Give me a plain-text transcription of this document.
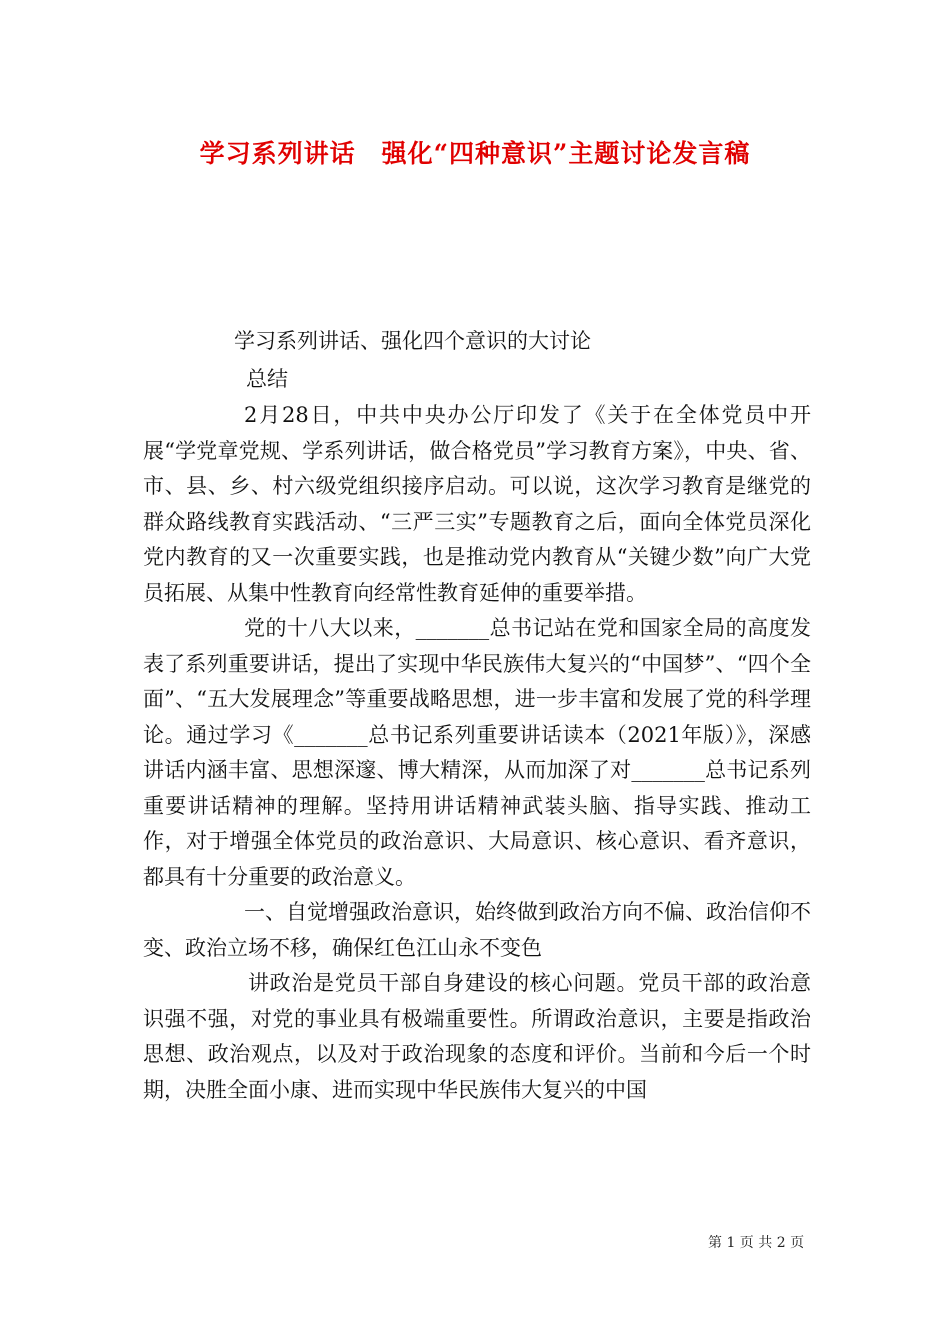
学习系列讲话　强化“四种意识”主题讨论发言稿
学习系列讲话、强化四个意识的大讨论
总结

2月28日，中共中央办公厅印发了《关于在全体党员中开展“学党章党规、学系列讲话，做合格党员”学习教育方案》，中央、省、市、县、乡、村六级党组织接序启动。可以说，这次学习教育是继党的群众路线教育实践活动、“三严三实”专题教育之后，面向全体党员深化党内教育的又一次重要实践，也是推动党内教育从“关键少数”向广大党员拓展、从集中性教育向经常性教育延伸的重要举措。

党的十八大以来，_______总书记站在党和国家全局的高度发表了系列重要讲话，提出了实现中华民族伟大复兴的“中国梦”、“四个全面”、“五大发展理念”等重要战略思想，进一步丰富和发展了党的科学理论。通过学习《_______总书记系列重要讲话读本（2021年版）》，深感讲话内涵丰富、思想深邃、博大精深，从而加深了对_______总书记系列重要讲话精神的理解。坚持用讲话精神武装头脑、指导实践、推动工作，对于增强全体党员的政治意识、大局意识、核心意识、看齐意识，都具有十分重要的政治意义。

一、自觉增强政治意识，始终做到政治方向不偏、政治信仰不变、政治立场不移，确保红色江山永不变色

讲政治是党员干部自身建设的核心问题。党员干部的政治意识强不强，对党的事业具有极端重要性。所谓政治意识，主要是指政治思想、政治观点，以及对于政治现象的态度和评价。当前和今后一个时期，决胜全面小康、进而实现中华民族伟大复兴的中国

第 1 页 共 2 页
